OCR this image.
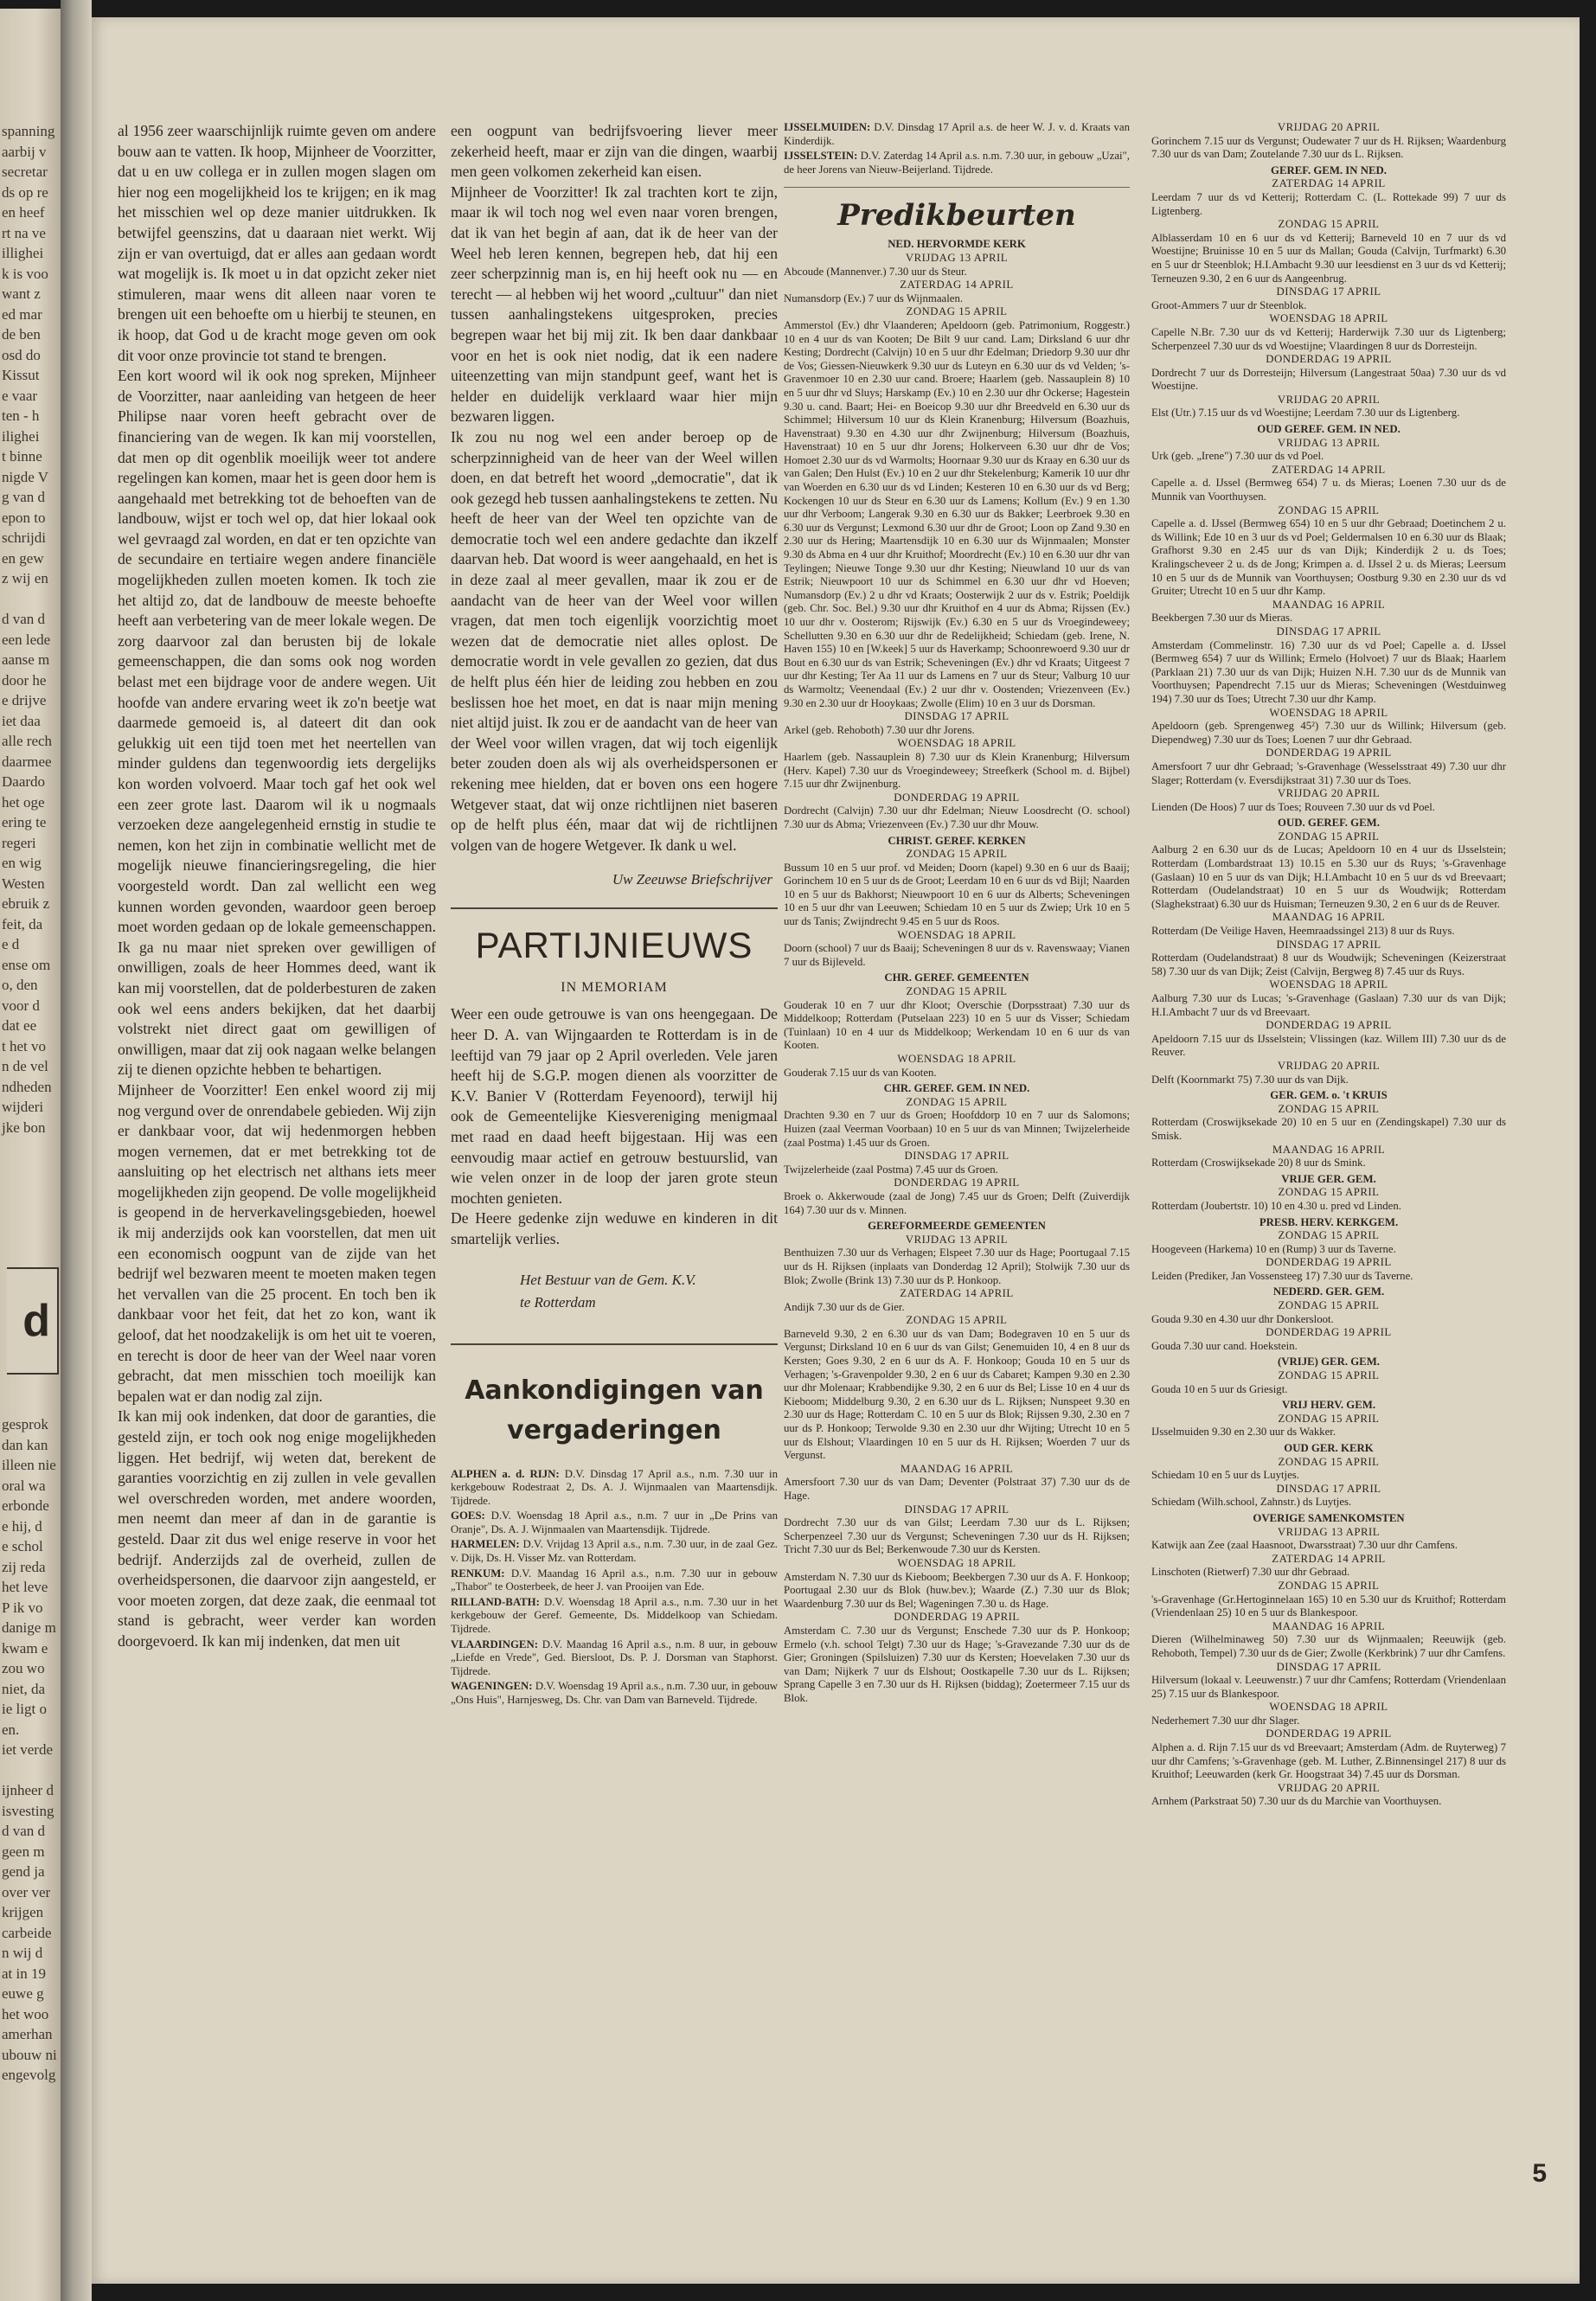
spanning
aarbij v
secretar
ds op re
en heef
rt na ve
illighei
k is voo
want z
ed mar
de ben
osd do
Kissut
e vaar
ten - h
ilighei
t binne
nigde V
g van d
epon to
schrijdi
en gew
z wij en

d van d
een lede
aanse m
door he
e drijve
iet daa
alle rech
daarmee
Daardo
het oge
ering te
regeri
en wig
Westen
ebruik z
feit, da
e d
ense om
o, den
voor d
dat ee
t het vo
n de vel
ndheden
wijderi
jke bon
d
gesprok
dan kan
illeen nie
oral wa
erbonde
e hij, d
e schol
zij reda
het leve
P ik vo
danige m
kwam e
zou wo
niet, da
ie ligt o
en.
iet verde

ijnheer d
isvesting
d van d
geen m
gend ja
over ver
krijgen
carbeide
n wij d
at in 19
euwe g
het woo
amerhan
ubouw ni
engevolg

al 1956 zeer waarschijnlijk ruimte geven om andere bouw aan te vatten. Ik hoop, Mijnheer de Voorzitter, dat u en uw collega er in zullen mogen slagen om hier nog een mogelijkheid los te krijgen; en ik mag het misschien wel op deze manier uitdrukken. Ik betwijfel geenszins, dat u daaraan niet werkt. Wij zijn er van overtuigd, dat er alles aan gedaan wordt wat mogelijk is. Ik moet u in dat opzicht zeker niet stimuleren, maar wens dit alleen naar voren te brengen uit een behoefte om u hierbij te steunen, en ik hoop, dat God u de kracht moge geven om ook dit voor onze provincie tot stand te brengen.

Een kort woord wil ik ook nog spreken, Mijnheer de Voorzitter, naar aanleiding van hetgeen de heer Philipse naar voren heeft gebracht over de financiering van de wegen. Ik kan mij voorstellen, dat men op dit ogenblik moeilijk weer tot andere regelingen kan komen, maar het is geen door hem is aangehaald met betrekking tot de behoeften van de landbouw, wijst er toch wel op, dat hier lokaal ook wel gevraagd zal worden, en dat er ten opzichte van de secundaire en tertiaire wegen andere financiële mogelijkheden zullen moeten komen. Ik toch zie het altijd zo, dat de landbouw de meeste behoefte heeft aan verbetering van de meer lokale wegen. De zorg daarvoor zal dan berusten bij de lokale gemeenschappen, die dan soms ook nog worden belast met een bijdrage voor de andere wegen. Uit hoofde van andere ervaring weet ik zo'n beetje wat daarmede gemoeid is, al dateert dit dan ook gelukkig uit een tijd toen met het neertellen van minder guldens dan tegenwoordig iets dergelijks kon worden volvoerd. Maar toch gaf het ook wel een zeer grote last. Daarom wil ik u nogmaals verzoeken deze aangelegenheid ernstig in studie te nemen, kon het zijn in combinatie wellicht met de mogelijk nieuwe financieringsregeling, die hier voorgesteld wordt. Dan zal wellicht een weg kunnen worden gevonden, waardoor geen beroep moet worden gedaan op de lokale gemeenschappen. Ik ga nu maar niet spreken over gewilligen of onwilligen, zoals de heer Hommes deed, want ik kan mij voorstellen, dat de polderbesturen de zaken ook wel eens anders bekijken, dat het daarbij volstrekt niet direct gaat om gewilligen of onwilligen, maar dat zij ook nagaan welke belangen zij te dienen opzichte hebben te behartigen.

Mijnheer de Voorzitter! Een enkel woord zij mij nog vergund over de onrendabele gebieden. Wij zijn er dankbaar voor, dat wij hedenmorgen hebben mogen vernemen, dat er met betrekking tot de aansluiting op het electrisch net althans iets meer mogelijkheden zijn geopend. De volle mogelijkheid is geopend in de herverkavelingsgebieden, hoewel ik mij anderzijds ook kan voorstellen, dat men uit een economisch oogpunt van de zijde van het bedrijf wel bezwaren meent te moeten maken tegen het vervallen van die 25 procent. En toch ben ik dankbaar voor het feit, dat het zo kon, want ik geloof, dat het noodzakelijk is om het uit te voeren, en terecht is door de heer van der Weel naar voren gebracht, dat men misschien toch moeilijk kan bepalen wat er dan nodig zal zijn.

Ik kan mij ook indenken, dat door de garanties, die gesteld zijn, er toch ook nog enige mogelijkheden liggen. Het bedrijf, wij weten dat, berekent de garanties voorzichtig en zij zullen in vele gevallen wel overschreden worden, met andere woorden, men neemt dan meer af dan in de garantie is gesteld. Daar zit dus wel enige reserve in voor het bedrijf. Anderzijds zal de overheid, zullen de overheidspersonen, die daarvoor zijn aangesteld, er voor moeten zorgen, dat deze zaak, die eenmaal tot stand is gebracht, weer verder kan worden doorgevoerd. Ik kan mij indenken, dat men uit

een oogpunt van bedrijfsvoering liever meer zekerheid heeft, maar er zijn van die dingen, waarbij men geen volkomen zekerheid kan eisen.

Mijnheer de Voorzitter! Ik zal trachten kort te zijn, maar ik wil toch nog wel even naar voren brengen, dat ik van het begin af aan, dat ik de heer van der Weel heb leren kennen, begrepen heb, dat hij een zeer scherpzinnig man is, en hij heeft ook nu — en terecht — al hebben wij het woord „cultuur" dan niet tussen aanhalingstekens uitgesproken, precies begrepen waar het bij mij zit. Ik ben daar dankbaar voor en het is ook niet nodig, dat ik een nadere uiteenzetting van mijn standpunt geef, want het is helder en duidelijk verklaard waar hier mijn bezwaren liggen.

Ik zou nu nog wel een ander beroep op de scherpzinnigheid van de heer van der Weel willen doen, en dat betreft het woord „democratie", dat ik ook gezegd heb tussen aanhalingstekens te zetten. Nu heeft de heer van der Weel ten opzichte van de democratie toch wel een andere gedachte dan ikzelf daarvan heb. Dat woord is weer aangehaald, en het is in deze zaal al meer gevallen, maar ik zou er de aandacht van de heer van der Weel voor willen vragen, dat men toch eigenlijk voorzichtig moet wezen dat de democratie niet alles oplost. De democratie wordt in vele gevallen zo gezien, dat dus de helft plus één hier de leiding zou hebben en zou beslissen hoe het moet, en dat is naar mijn mening niet altijd juist. Ik zou er de aandacht van de heer van der Weel voor willen vragen, dat wij toch eigenlijk beter zouden doen als wij als overheidspersonen er rekening mee hielden, dat er boven ons een hogere Wetgever staat, dat wij onze richtlijnen niet baseren op de helft plus één, maar dat wij de richtlijnen volgen van de hogere Wetgever. Ik dank u wel.

Uw Zeeuwse Briefschrijver
PARTIJNIEUWS
IN MEMORIAM

Weer een oude getrouwe is van ons heengegaan. De heer D. A. van Wijngaarden te Rotterdam is in de leeftijd van 79 jaar op 2 April overleden. Vele jaren heeft hij de S.G.P. mogen dienen als voorzitter de K.V. Banier V (Rotterdam Feyenoord), terwijl hij ook de Gemeentelijke Kiesvereniging menigmaal met raad en daad heeft bijgestaan. Hij was een eenvoudig maar actief en getrouw bestuurslid, van wie velen onzer in de loop der jaren grote steun mochten genieten.

De Heere gedenke zijn weduwe en kinderen in dit smartelijk verlies.

Het Bestuur van de Gem. K.V.
te Rotterdam
Aankondigingen van
vergaderingen
ALPHEN a. d. RIJN: D.V. Dinsdag 17 April a.s., n.m. 7.30 uur in kerkgebouw Rodestraat 2, Ds. A. J. Wijnmaalen van Maartensdijk. Tijdrede.
GOES: D.V. Woensdag 18 April a.s., n.m. 7 uur in „De Prins van Oranje", Ds. A. J. Wijnmaalen van Maartensdijk. Tijdrede.
HARMELEN: D.V. Vrijdag 13 April a.s., n.m. 7.30 uur, in de zaal Gez. v. Dijk, Ds. H. Visser Mz. van Rotterdam.
RENKUM: D.V. Maandag 16 April a.s., n.m. 7.30 uur in gebouw „Thabor" te Oosterbeek, de heer J. van Prooijen van Ede.
RILLAND-BATH: D.V. Woensdag 18 April a.s., n.m. 7.30 uur in het kerkgebouw der Geref. Gemeente, Ds. Middelkoop van Schiedam. Tijdrede.
VLAARDINGEN: D.V. Maandag 16 April a.s., n.m. 8 uur, in gebouw „Liefde en Vrede", Ged. Biersloot, Ds. P. J. Dorsman van Staphorst. Tijdrede.
WAGENINGEN: D.V. Woensdag 19 April a.s., n.m. 7.30 uur, in gebouw „Ons Huis", Harnjesweg, Ds. Chr. van Dam van Barneveld. Tijdrede.
IJSSELMUIDEN: D.V. Dinsdag 17 April a.s. de heer W. J. v. d. Kraats van Kinderdijk.
IJSSELSTEIN: D.V. Zaterdag 14 April a.s. n.m. 7.30 uur, in gebouw „Uzai", de heer Jorens van Nieuw-Beijerland. Tijdrede.
Predikbeurten
NED. HERVORMDE KERK
VRIJDAG 13 APRIL
Abcoude (Mannenver.) 7.30 uur ds Steur.
ZATERDAG 14 APRIL
Numansdorp (Ev.) 7 uur ds Wijnmaalen.
ZONDAG 15 APRIL
Ammerstol (Ev.) dhr Vlaanderen; Apeldoorn (geb. Patrimonium, Roggestr.) 10 en 4 uur ds van Kooten; De Bilt 9 uur cand. Lam; Dirksland 6 uur dhr Kesting; Dordrecht (Calvijn) 10 en 5 uur dhr Edelman; Driedorp 9.30 uur dhr de Vos; Giessen-Nieuwkerk 9.30 uur ds Luteyn en 6.30 uur ds vd Velden; 's-Gravenmoer 10 en 2.30 uur cand. Broere; Haarlem (geb. Nassauplein 8) 10 en 5 uur dhr vd Sluys; Harskamp (Ev.) 10 en 2.30 uur dhr Ockerse; Hagestein 9.30 u. cand. Baart; Hei- en Boeicop 9.30 uur dhr Breedveld en 6.30 uur ds Schimmel; Hilversum 10 uur ds Klein Kranenburg; Hilversum (Boazhuis, Havenstraat) 9.30 en 4.30 uur dhr Zwijnenburg; Hilversum (Boazhuis, Havenstraat) 10 en 5 uur dhr Jorens; Holkerveen 6.30 uur dhr de Vos; Homoet 2.30 uur ds vd Warmolts; Hoornaar 9.30 uur ds Kraay en 6.30 uur ds van Galen; Den Hulst (Ev.) 10 en 2 uur dhr Stekelenburg; Kamerik 10 uur dhr van Woerden en 6.30 uur ds vd Linden; Kesteren 10 en 6.30 uur ds vd Berg; Kockengen 10 uur ds Steur en 6.30 uur ds Lamens; Kollum (Ev.) 9 en 1.30 uur dhr Verboom; Langerak 9.30 en 6.30 uur ds Bakker; Leerbroek 9.30 en 6.30 uur ds Vergunst; Lexmond 6.30 uur dhr de Groot; Loon op Zand 9.30 en 2.30 uur ds Hering; Maartensdijk 10 en 6.30 uur ds Wijnmaalen; Monster 9.30 ds Abma en 4 uur dhr Kruithof; Moordrecht (Ev.) 10 en 6.30 uur dhr van Teylingen; Nieuwe Tonge 9.30 uur dhr Kesting; Nieuwland 10 uur ds van Estrik; Nieuwpoort 10 uur ds Schimmel en 6.30 uur dhr vd Hoeven; Numansdorp (Ev.) 2 u dhr vd Kraats; Oosterwijk 2 uur ds v. Estrik; Poeldijk (geb. Chr. Soc. Bel.) 9.30 uur dhr Kruithof en 4 uur ds Abma; Rijssen (Ev.) 10 uur dhr v. Oosterom; Rijswijk (Ev.) 6.30 en 5 uur ds Vroegindeweey; Schellutten 9.30 en 6.30 uur dhr de Redelijkheid; Schiedam (geb. Irene, N. Haven 155) 10 en [W.keek] 5 uur ds Haverkamp; Schoonrewoerd 9.30 uur dr Bout en 6.30 uur ds van Estrik; Scheveningen (Ev.) dhr vd Kraats; Uitgeest 7 uur dhr Kesting; Ter Aa 11 uur ds Lamens en 7 uur ds Steur; Valburg 10 uur ds Warmoltz; Veenendaal (Ev.) 2 uur dhr v. Oostenden; Vriezenveen (Ev.) 9.30 en 2.30 uur dr Hooykaas; Zwolle (Elim) 10 en 3 uur ds Dorsman.
DINSDAG 17 APRIL
Arkel (geb. Rehoboth) 7.30 uur dhr Jorens.
WOENSDAG 18 APRIL
Haarlem (geb. Nassauplein 8) 7.30 uur ds Klein Kranenburg; Hilversum (Herv. Kapel) 7.30 uur ds Vroegindeweey; Streefkerk (School m. d. Bijbel) 7.15 uur dhr Zwijnenburg.
DONDERDAG 19 APRIL
Dordrecht (Calvijn) 7.30 uur dhr Edelman; Nieuw Loosdrecht (O. school) 7.30 uur ds Abma; Vriezenveen (Ev.) 7.30 uur dhr Mouw.
CHRIST. GEREF. KERKEN
ZONDAG 15 APRIL
Bussum 10 en 5 uur prof. vd Meiden; Doorn (kapel) 9.30 en 6 uur ds Baaij; Gorinchem 10 en 5 uur ds de Groot; Leerdam 10 en 6 uur ds vd Bijl; Naarden 10 en 5 uur ds Bakhorst; Nieuwpoort 10 en 6 uur ds Alberts; Scheveningen 10 en 5 uur dhr van Leeuwen; Schiedam 10 en 5 uur ds Zwiep; Urk 10 en 5 uur ds Tanis; Zwijndrecht 9.45 en 5 uur ds Roos.
WOENSDAG 18 APRIL
Doorn (school) 7 uur ds Baaij; Scheveningen 8 uur ds v. Ravenswaay; Vianen 7 uur ds Bijleveld.
CHR. GEREF. GEMEENTEN
ZONDAG 15 APRIL
Gouderak 10 en 7 uur dhr Kloot; Overschie (Dorpsstraat) 7.30 uur ds Middelkoop; Rotterdam (Putselaan 223) 10 en 5 uur ds Visser; Schiedam (Tuinlaan) 10 en 4 uur ds Middelkoop; Werkendam 10 en 6 uur ds van Kooten.
WOENSDAG 18 APRIL
Gouderak 7.15 uur ds van Kooten.
CHR. GEREF. GEM. IN NED.
ZONDAG 15 APRIL
Drachten 9.30 en 7 uur ds Groen; Hoofddorp 10 en 7 uur ds Salomons; Huizen (zaal Veerman Voorbaan) 10 en 5 uur ds van Minnen; Twijzelerheide (zaal Postma) 1.45 uur ds Groen.
DINSDAG 17 APRIL
Twijzelerheide (zaal Postma) 7.45 uur ds Groen.
DONDERDAG 19 APRIL
Broek o. Akkerwoude (zaal de Jong) 7.45 uur ds Groen; Delft (Zuiverdijk 164) 7.30 uur ds v. Minnen.
GEREFORMEERDE GEMEENTEN
VRIJDAG 13 APRIL
Benthuizen 7.30 uur ds Verhagen; Elspeet 7.30 uur ds Hage; Poortugaal 7.15 uur ds H. Rijksen (inplaats van Donderdag 12 April); Stolwijk 7.30 uur ds Blok; Zwolle (Brink 13) 7.30 uur ds P. Honkoop.
ZATERDAG 14 APRIL
Andijk 7.30 uur ds de Gier.
ZONDAG 15 APRIL
Barneveld 9.30, 2 en 6.30 uur ds van Dam; Bodegraven 10 en 5 uur ds Vergunst; Dirksland 10 en 6 uur ds van Gilst; Genemuiden 10, 4 en 8 uur ds Kersten; Goes 9.30, 2 en 6 uur ds A. F. Honkoop; Gouda 10 en 5 uur ds Verhagen; 's-Gravenpolder 9.30, 2 en 6 uur ds Cabaret; Kampen 9.30 en 2.30 uur dhr Molenaar; Krabbendijke 9.30, 2 en 6 uur ds Bel; Lisse 10 en 4 uur ds Kieboom; Middelburg 9.30, 2 en 6.30 uur ds L. Rijksen; Nunspeet 9.30 en 2.30 uur ds Hage; Rotterdam C. 10 en 5 uur ds Blok; Rijssen 9.30, 2.30 en 7 uur ds P. Honkoop; Terwolde 9.30 en 2.30 uur dhr Wijting; Utrecht 10 en 5 uur ds Elshout; Vlaardingen 10 en 5 uur ds H. Rijksen; Woerden 7 uur ds Vergunst.
MAANDAG 16 APRIL
Amersfoort 7.30 uur ds van Dam; Deventer (Polstraat 37) 7.30 uur ds de Hage.
DINSDAG 17 APRIL
Dordrecht 7.30 uur ds van Gilst; Leerdam 7.30 uur ds L. Rijksen; Scherpenzeel 7.30 uur ds Vergunst; Scheveningen 7.30 uur ds H. Rijksen; Tricht 7.30 uur ds Bel; Berkenwoude 7.30 uur ds Kersten.
WOENSDAG 18 APRIL
Amsterdam N. 7.30 uur ds Kieboom; Beekbergen 7.30 uur ds A. F. Honkoop; Poortugaal 2.30 uur ds Blok (huw.bev.); Waarde (Z.) 7.30 uur ds Blok; Waardenburg 7.30 uur ds Bel; Wageningen 7.30 u. ds Hage.
DONDERDAG 19 APRIL
Amsterdam C. 7.30 uur ds Vergunst; Enschede 7.30 uur ds P. Honkoop; Ermelo (v.h. school Telgt) 7.30 uur ds Hage; 's-Gravezande 7.30 uur ds de Gier; Groningen (Spilsluizen) 7.30 uur ds Kersten; Hoevelaken 7.30 uur ds van Dam; Nijkerk 7 uur ds Elshout; Oostkapelle 7.30 uur ds L. Rijksen; Sprang Capelle 3 en 7.30 uur ds H. Rijksen (biddag); Zoetermeer 7.15 uur ds Blok.
VRIJDAG 20 APRIL
Gorinchem 7.15 uur ds Vergunst; Oudewater 7 uur ds H. Rijksen; Waardenburg 7.30 uur ds van Dam; Zoutelande 7.30 uur ds L. Rijksen.
GEREF. GEM. IN NED.
ZATERDAG 14 APRIL
Leerdam 7 uur ds vd Ketterij; Rotterdam C. (L. Rottekade 99) 7 uur ds Ligtenberg.
ZONDAG 15 APRIL
Alblasserdam 10 en 6 uur ds vd Ketterij; Barneveld 10 en 7 uur ds vd Woestijne; Bruinisse 10 en 5 uur ds Mallan; Gouda (Calvijn, Turfmarkt) 6.30 en 5 uur dr Steenblok; H.I.Ambacht 9.30 uur leesdienst en 3 uur ds vd Ketterij; Terneuzen 9.30, 2 en 6 uur ds Aangeenbrug.
DINSDAG 17 APRIL
Groot-Ammers 7 uur dr Steenblok.
WOENSDAG 18 APRIL
Capelle N.Br. 7.30 uur ds vd Ketterij; Harderwijk 7.30 uur ds Ligtenberg; Scherpenzeel 7.30 uur ds vd Woestijne; Vlaardingen 8 uur ds Dorresteijn.
DONDERDAG 19 APRIL
Dordrecht 7 uur ds Dorresteijn; Hilversum (Langestraat 50aa) 7.30 uur ds vd Woestijne.
VRIJDAG 20 APRIL
Elst (Utr.) 7.15 uur ds vd Woestijne; Leerdam 7.30 uur ds Ligtenberg.
OUD GEREF. GEM. IN NED.
VRIJDAG 13 APRIL
Urk (geb. „Irene") 7.30 uur ds vd Poel.
ZATERDAG 14 APRIL
Capelle a. d. IJssel (Bermweg 654) 7 u. ds Mieras; Loenen 7.30 uur ds de Munnik van Voorthuysen.
ZONDAG 15 APRIL
Capelle a. d. IJssel (Bermweg 654) 10 en 5 uur dhr Gebraad; Doetinchem 2 u. ds Willink; Ede 10 en 3 uur ds vd Poel; Geldermalsen 10 en 6.30 uur ds Blaak; Grafhorst 9.30 en 2.45 uur ds van Dijk; Kinderdijk 2 u. ds Toes; Kralingscheveer 2 u. ds de Jong; Krimpen a. d. IJssel 2 u. ds Mieras; Leersum 10 en 5 uur ds de Munnik van Voorthuysen; Oostburg 9.30 en 2.30 uur ds vd Gruiter; Utrecht 10 en 5 uur dhr Kamp.
MAANDAG 16 APRIL
Beekbergen 7.30 uur ds Mieras.
DINSDAG 17 APRIL
Amsterdam (Commelinstr. 16) 7.30 uur ds vd Poel; Capelle a. d. IJssel (Bermweg 654) 7 uur ds Willink; Ermelo (Holvoet) 7 uur ds Blaak; Haarlem (Parklaan 21) 7.30 uur ds van Dijk; Huizen N.H. 7.30 uur ds de Munnik van Voorthuysen; Papendrecht 7.15 uur ds Mieras; Scheveningen (Westduinweg 194) 7.30 uur ds Toes; Utrecht 7.30 uur dhr Kamp.
WOENSDAG 18 APRIL
Apeldoorn (geb. Sprengenweg 45²) 7.30 uur ds Willink; Hilversum (geb. Diependweg) 7.30 uur ds Toes; Loenen 7 uur dhr Gebraad.
DONDERDAG 19 APRIL
Amersfoort 7 uur dhr Gebraad; 's-Gravenhage (Wesselsstraat 49) 7.30 uur dhr Slager; Rotterdam (v. Eversdijkstraat 31) 7.30 uur ds Toes.
VRIJDAG 20 APRIL
Lienden (De Hoos) 7 uur ds Toes; Rouveen 7.30 uur ds vd Poel.
OUD. GEREF. GEM.
ZONDAG 15 APRIL
Aalburg 2 en 6.30 uur ds de Lucas; Apeldoorn 10 en 4 uur ds IJsselstein; Rotterdam (Lombardstraat 13) 10.15 en 5.30 uur ds Ruys; 's-Gravenhage (Gaslaan) 10 en 5 uur ds van Dijk; H.I.Ambacht 10 en 5 uur ds vd Breevaart; Rotterdam (Oudelandstraat) 10 en 5 uur ds Woudwijk; Rotterdam (Slaghekstraat) 6.30 uur ds Huisman; Terneuzen 9.30, 2 en 6 uur ds de Reuver.
MAANDAG 16 APRIL
Rotterdam (De Veilige Haven, Heemraadssingel 213) 8 uur ds Ruys.
DINSDAG 17 APRIL
Rotterdam (Oudelandstraat) 8 uur ds Woudwijk; Scheveningen (Keizerstraat 58) 7.30 uur ds van Dijk; Zeist (Calvijn, Bergweg 8) 7.45 uur ds Ruys.
WOENSDAG 18 APRIL
Aalburg 7.30 uur ds Lucas; 's-Gravenhage (Gaslaan) 7.30 uur ds van Dijk; H.I.Ambacht 7 uur ds vd Breevaart.
DONDERDAG 19 APRIL
Apeldoorn 7.15 uur ds IJsselstein; Vlissingen (kaz. Willem III) 7.30 uur ds de Reuver.
VRIJDAG 20 APRIL
Delft (Koornmarkt 75) 7.30 uur ds van Dijk.
GER. GEM. o. 't KRUIS
ZONDAG 15 APRIL
Rotterdam (Croswijksekade 20) 10 en 5 uur en (Zendingskapel) 7.30 uur ds Smisk.
MAANDAG 16 APRIL
Rotterdam (Croswijksekade 20) 8 uur ds Smink.
VRIJE GER. GEM.
ZONDAG 15 APRIL
Rotterdam (Joubertstr. 10) 10 en 4.30 u. pred vd Linden.
PRESB. HERV. KERKGEM.
ZONDAG 15 APRIL
Hoogeveen (Harkema) 10 en (Rump) 3 uur ds Taverne.
DONDERDAG 19 APRIL
Leiden (Prediker, Jan Vossensteeg 17) 7.30 uur ds Taverne.
NEDERD. GER. GEM.
ZONDAG 15 APRIL
Gouda 9.30 en 4.30 uur dhr Donkersloot.
DONDERDAG 19 APRIL
Gouda 7.30 uur cand. Hoekstein.
(VRIJE) GER. GEM.
ZONDAG 15 APRIL
Gouda 10 en 5 uur ds Griesigt.
VRIJ HERV. GEM.
ZONDAG 15 APRIL
IJsselmuiden 9.30 en 2.30 uur ds Wakker.
OUD GER. KERK
ZONDAG 15 APRIL
Schiedam 10 en 5 uur ds Luytjes.
DINSDAG 17 APRIL
Schiedam (Wilh.school, Zahnstr.) ds Luytjes.
OVERIGE SAMENKOMSTEN
VRIJDAG 13 APRIL
Katwijk aan Zee (zaal Haasnoot, Dwarsstraat) 7.30 uur dhr Camfens.
ZATERDAG 14 APRIL
Linschoten (Rietwerf) 7.30 uur dhr Gebraad.
ZONDAG 15 APRIL
's-Gravenhage (Gr.Hertoginnelaan 165) 10 en 5.30 uur ds Kruithof; Rotterdam (Vriendenlaan 25) 10 en 5 uur ds Blankespoor.
MAANDAG 16 APRIL
Dieren (Wilhelminaweg 50) 7.30 uur ds Wijnmaalen; Reeuwijk (geb. Rehoboth, Tempel) 7.30 uur ds de Gier; Zwolle (Kerkbrink) 7 uur dhr Camfens.
DINSDAG 17 APRIL
Hilversum (lokaal v. Leeuwenstr.) 7 uur dhr Camfens; Rotterdam (Vriendenlaan 25) 7.15 uur ds Blankespoor.
WOENSDAG 18 APRIL
Nederhemert 7.30 uur dhr Slager.
DONDERDAG 19 APRIL
Alphen a. d. Rijn 7.15 uur ds vd Breevaart; Amsterdam (Adm. de Ruyterweg) 7 uur dhr Camfens; 's-Gravenhage (geb. M. Luther, Z.Binnensingel 217) 8 uur ds Kruithof; Leeuwarden (kerk Gr. Hoogstraat 34) 7.45 uur ds Dorsman.
VRIJDAG 20 APRIL
Arnhem (Parkstraat 50) 7.30 uur ds du Marchie van Voorthuysen.
5
